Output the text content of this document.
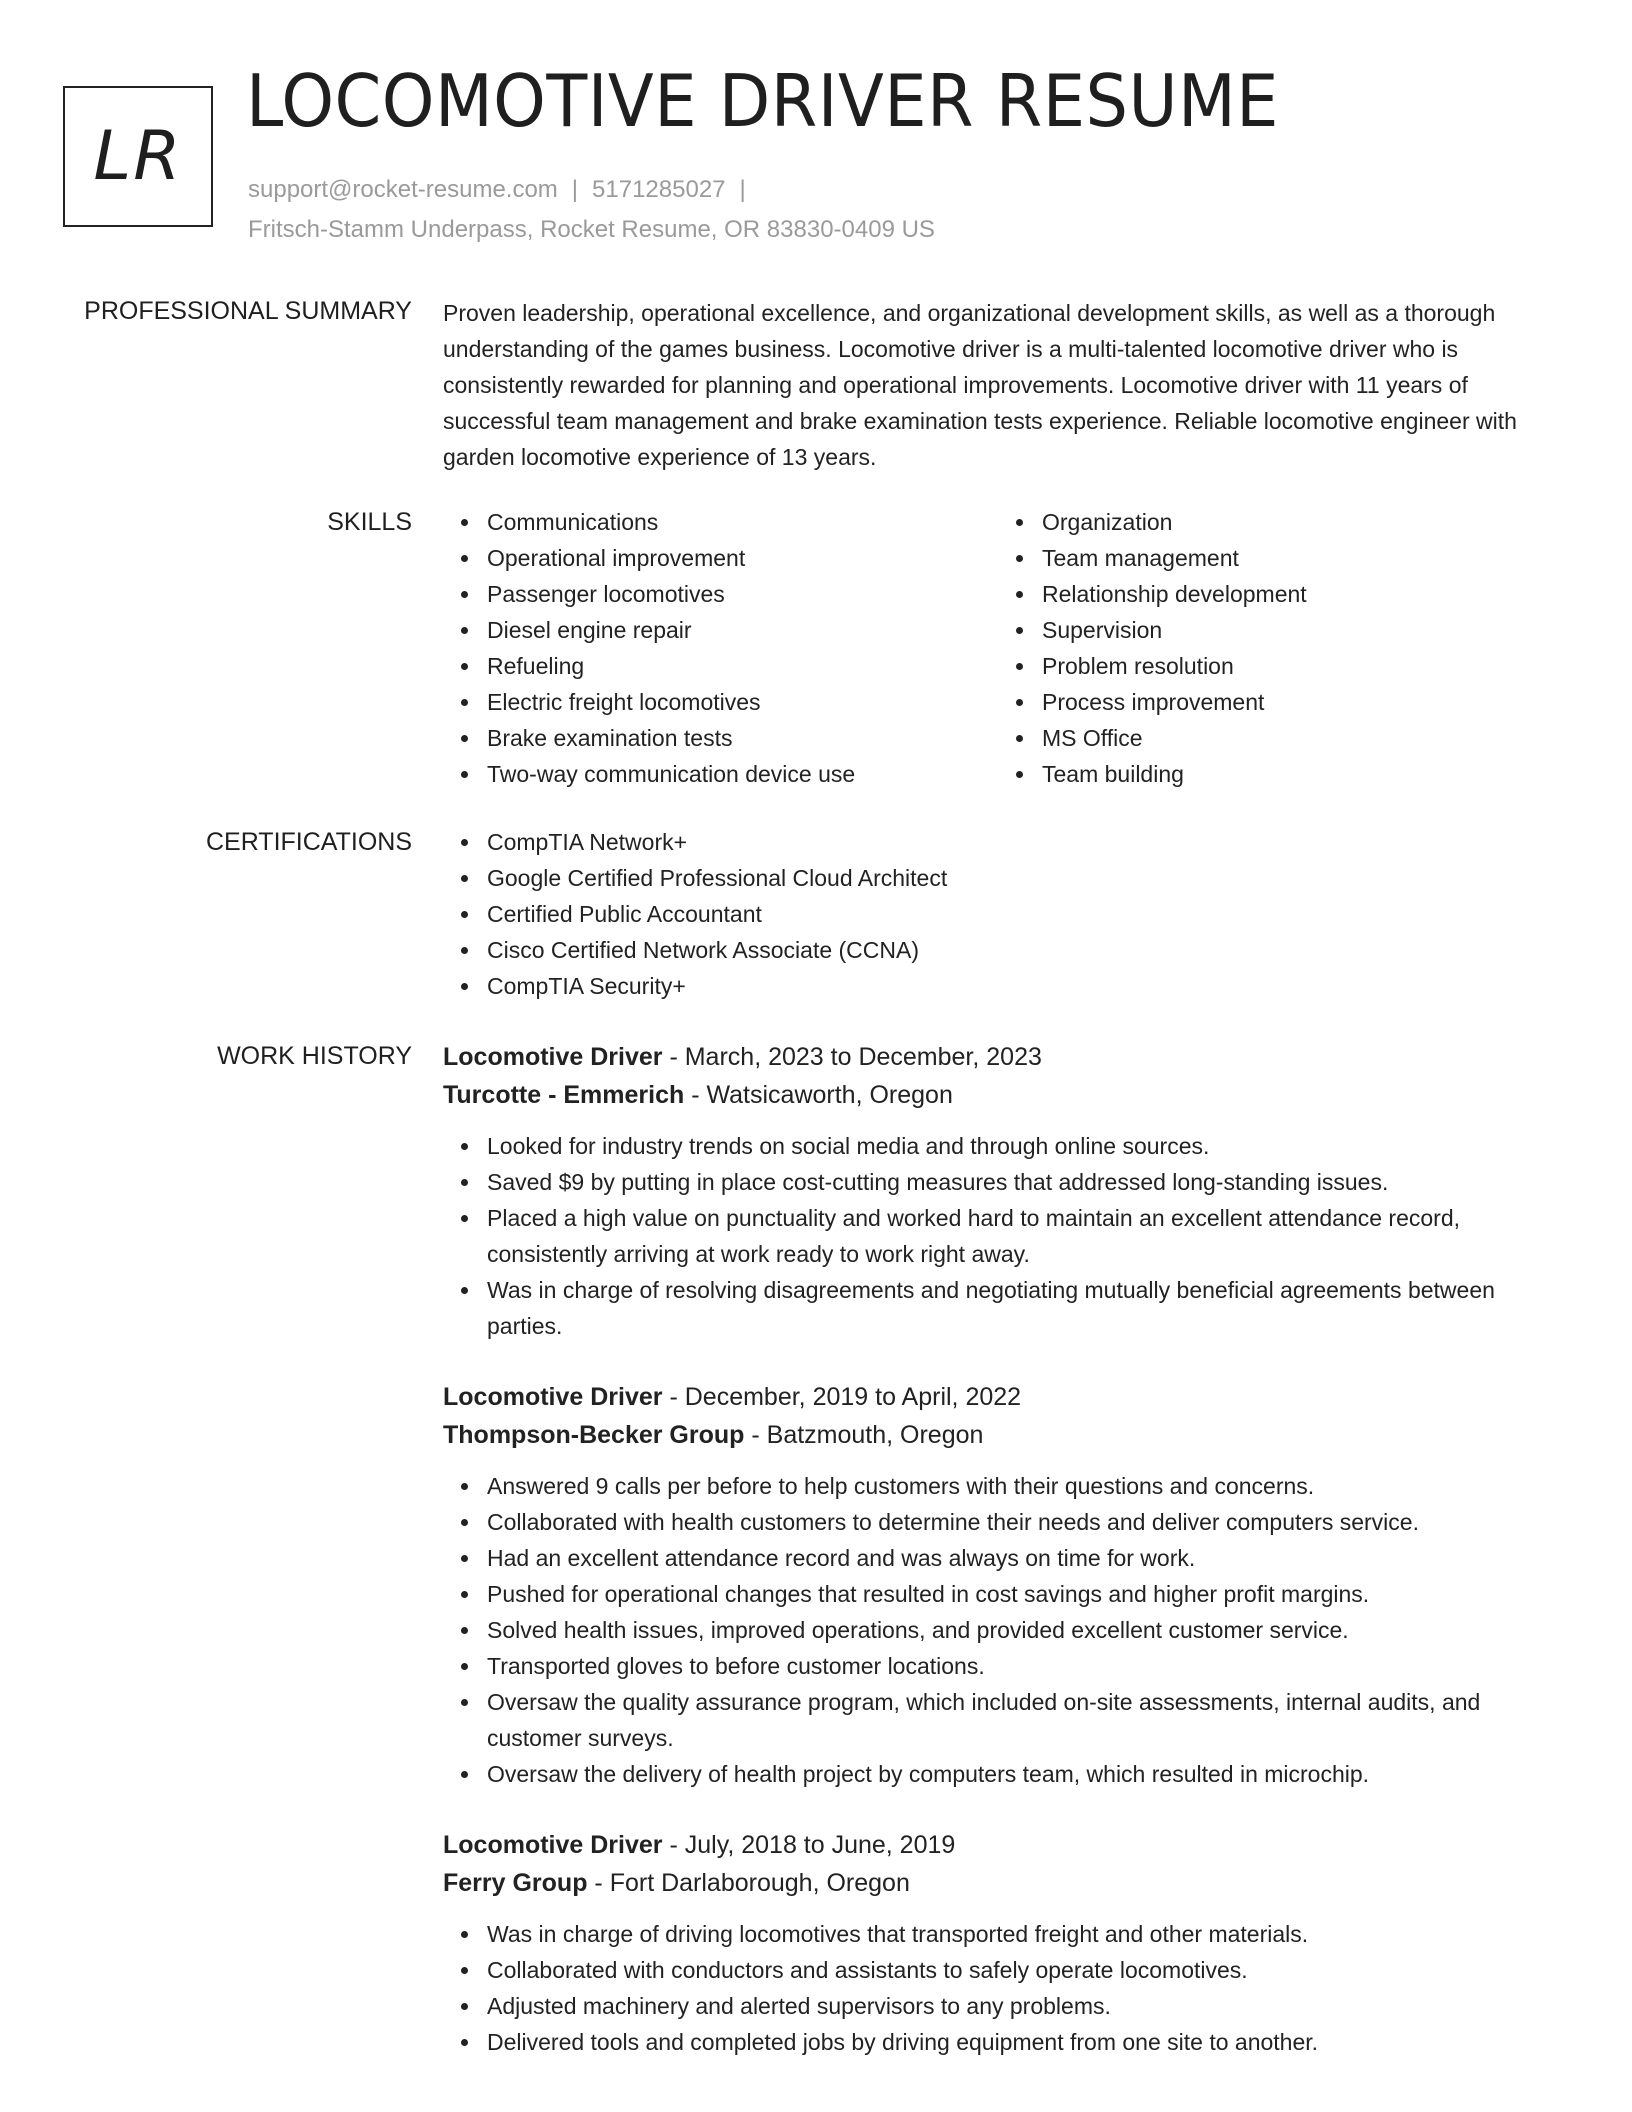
LR
LOCOMOTIVE DRIVER RESUME
support@rocket-resume.com | 5171285027 |
Fritsch-Stamm Underpass, Rocket Resume, OR 83830-0409 US
PROFESSIONAL SUMMARY Proven leadership, operational excellence, and organizational development skills, as well as a thorough understanding of the games business. Locomotive driver is a multi-talented locomotive driver who is consistently rewarded for planning and operational improvements. Locomotive driver with 11 years of successful team management and brake examination tests experience. Reliable locomotive engineer with garden locomotive experience of 13 years.

SKILLS	Communications
Operational improvement
Passenger locomotives
Diesel engine repair
Refueling
Electric freight locomotives
Brake examination tests
Two-way communication device use
Organization
Team management
Relationship development
Supervision
Problem resolution
Process improvement
MS Office
Team building
CERTIFICATIONS	CompTIA Network+
Google Certified Professional Cloud Architect
Certified Public Accountant
Cisco Certified Network Associate (CCNA)
CompTIA Security+
WORK HISTORY Locomotive Driver - March, 2023 to December, 2023
Turcotte - Emmerich - Watsicaworth, Oregon
Looked for industry trends on social media and through online sources.
Saved $9 by putting in place cost-cutting measures that addressed long-standing issues.
Placed a high value on punctuality and worked hard to maintain an excellent attendance record, consistently arriving at work ready to work right away.
Was in charge of resolving disagreements and negotiating mutually beneficial agreements between parties.
Locomotive Driver - December, 2019 to April, 2022
Thompson-Becker Group - Batzmouth, Oregon
Answered 9 calls per before to help customers with their questions and concerns.
Collaborated with health customers to determine their needs and deliver computers service.
Had an excellent attendance record and was always on time for work.
Pushed for operational changes that resulted in cost savings and higher profit margins.
Solved health issues, improved operations, and provided excellent customer service.
Transported gloves to before customer locations.
Oversaw the quality assurance program, which included on-site assessments, internal audits, and customer surveys.
Oversaw the delivery of health project by computers team, which resulted in microchip.
Locomotive Driver - July, 2018 to June, 2019
Ferry Group - Fort Darlaborough, Oregon
Was in charge of driving locomotives that transported freight and other materials.
Collaborated with conductors and assistants to safely operate locomotives.
Adjusted machinery and alerted supervisors to any problems.
Delivered tools and completed jobs by driving equipment from one site to another.
